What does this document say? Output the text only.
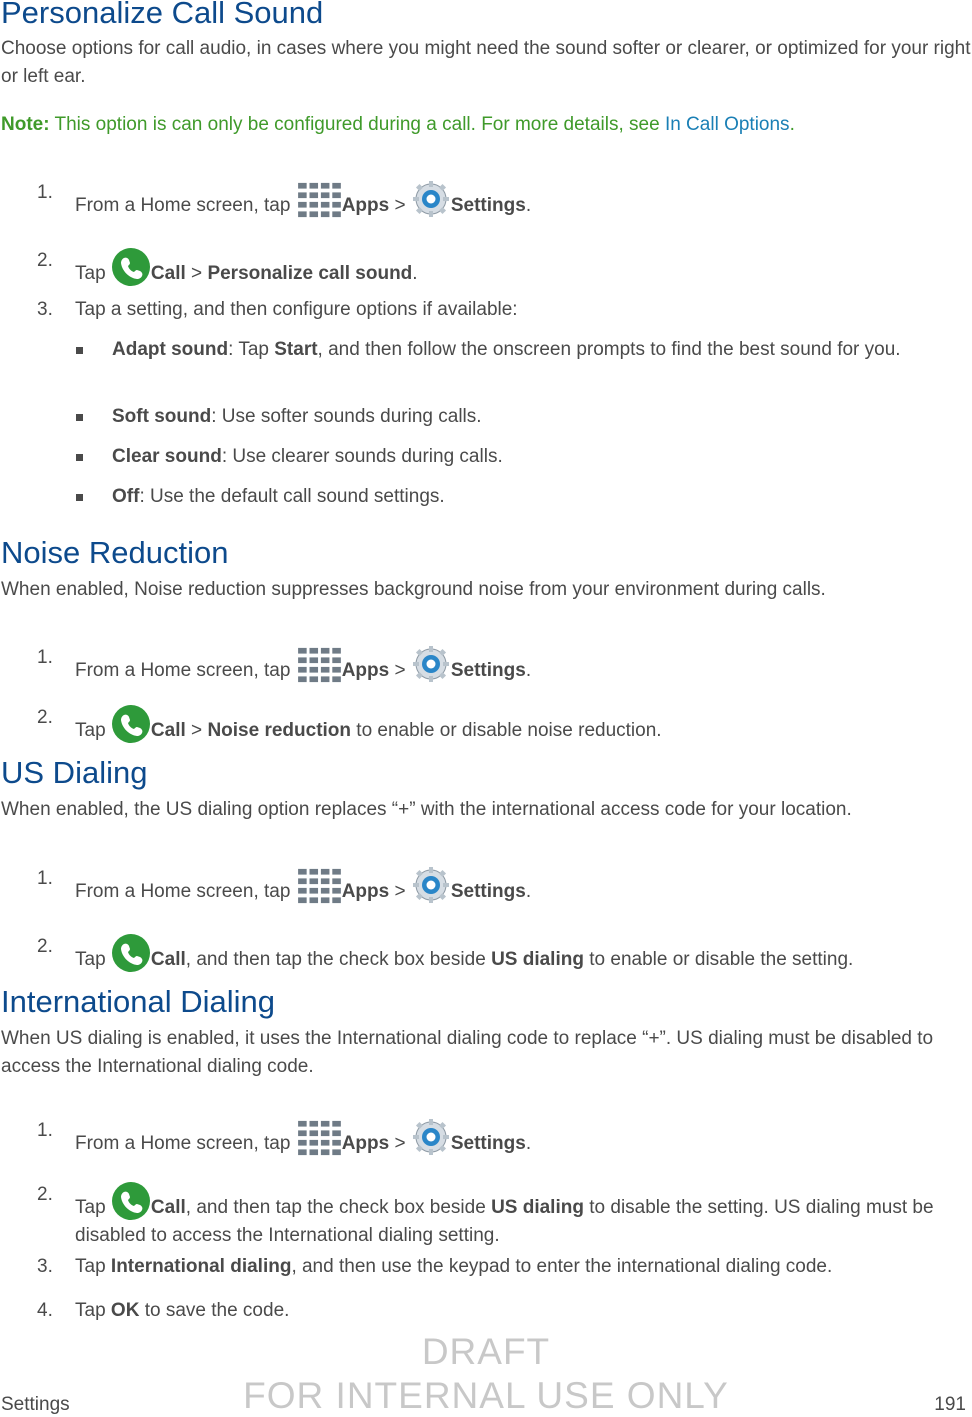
Personalize Call Sound

Choose options for call audio, in cases where you might need the sound softer or clearer, or optimized for your right or left ear.

Note: This option is can only be configured during a call. For more details, see In Call Options.
1.
From a Home screen, tap Apps > Settings.
2.
Tap Call > Personalize call sound.
3.	Tap a setting, and then configure options if available:
Adapt sound: Tap Start, and then follow the onscreen prompts to find the best sound for you.
Soft sound: Use softer sounds during calls.
Clear sound: Use clearer sounds during calls.
Off: Use the default call sound settings.
Noise Reduction

When enabled, Noise reduction suppresses background noise from your environment during calls.

1.
From a Home screen, tap Apps > Settings.
2.
Tap Call > Noise reduction to enable or disable noise reduction.
US Dialing

When enabled, the US dialing option replaces “+” with the international access code for your location.

1.
From a Home screen, tap Apps > Settings.
2.
Tap Call, and then tap the check box beside US dialing to enable or disable the setting.
International Dialing

When US dialing is enabled, it uses the International dialing code to replace “+”. US dialing must be disabled to access the International dialing code.

1.
From a Home screen, tap Apps > Settings.
2.
Tap Call, and then tap the check box beside US dialing to disable the setting. US dialing must be disabled to access the International dialing setting.
3.	Tap International dialing, and then use the keypad to enter the international dialing code.
4.	Tap OK to save the code.
DRAFT
FOR INTERNAL USE ONLY
Settings	191
